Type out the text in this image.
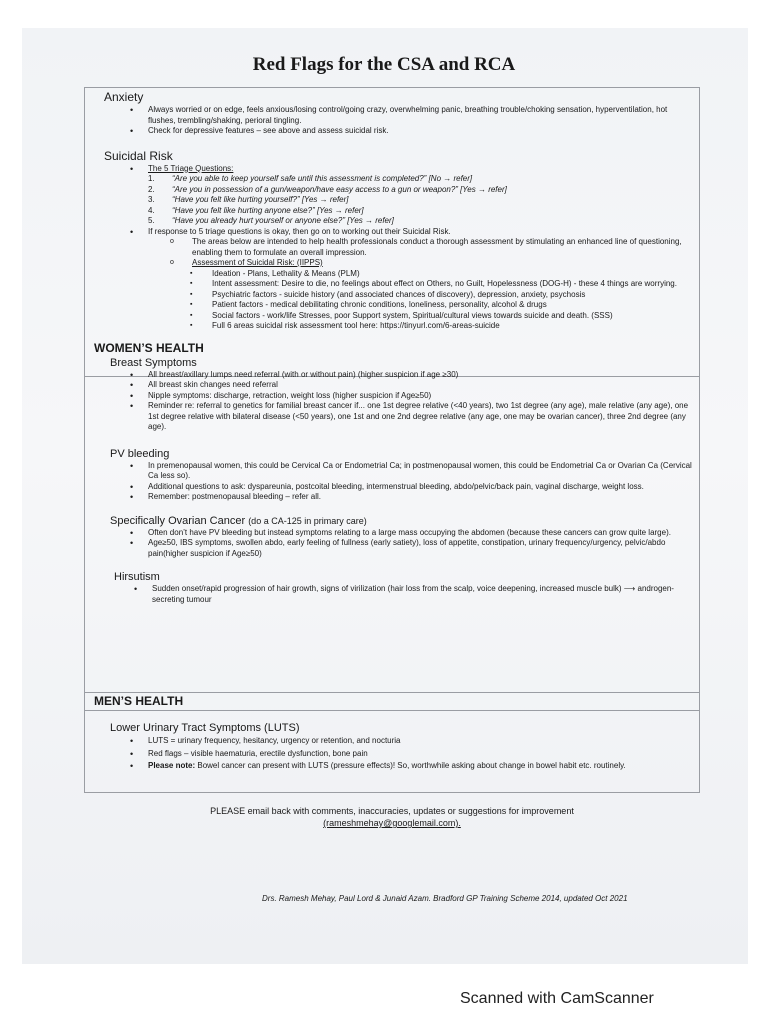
Red Flags for the CSA and RCA
Anxiety
• Always worried or on edge, feels anxious/losing control/going crazy, overwhelming panic, breathing trouble/choking sensation, hyperventilation, hot flushes, trembling/shaking, perioral tingling.
• Check for depressive features – see above and assess suicidal risk.
Suicidal Risk
• The 5 Triage Questions:
1. “Are you able to keep yourself safe until this assessment is completed?” [No → refer]
2. “Are you in possession of a gun/weapon/have easy access to a gun or weapon?” [Yes → refer]
3. “Have you felt like hurting yourself?” [Yes → refer]
4. “Have you felt like hurting anyone else?” [Yes → refer]
5. “Have you already hurt yourself or anyone else?” [Yes → refer]
• If response to 5 triage questions is okay, then go on to working out their Suicidal Risk.
o The areas below are intended to help health professionals conduct a thorough assessment by stimulating an enhanced line of questioning, enabling them to formulate an overall impression.
o Assessment of Suicidal Risk: (IIPPS)
▪ Ideation - Plans, Lethality & Means (PLM)
▪ Intent assessment: Desire to die, no feelings about effect on Others, no Guilt, Hopelessness (DOG-H) - these 4 things are worrying.
▪ Psychiatric factors - suicide history (and associated chances of discovery), depression, anxiety, psychosis
▪ Patient factors - medical debilitating chronic conditions, loneliness, personality, alcohol & drugs
▪ Social factors - work/life Stresses, poor Support system, Spiritual/cultural views towards suicide and death. (SSS)
▪ Full 6 areas suicidal risk assessment tool here: https://tinyurl.com/6-areas-suicide
WOMEN’S HEALTH
Breast Symptoms
• All breast/axillary lumps need referral (with or without pain) (higher suspicion if age ≥30)
• All breast skin changes need referral
• Nipple symptoms: discharge, retraction, weight loss (higher suspicion if Age≥50)
• Reminder re: referral to genetics for familial breast cancer if... one 1st degree relative (<40 years), two 1st degree (any age), male relative (any age), one 1st degree relative with bilateral disease (<50 years), one 1st and one 2nd degree relative (any age, one may be ovarian cancer), three 2nd degree (any age).
PV bleeding
• In premenopausal women, this could be Cervical Ca or Endometrial Ca; in postmenopausal women, this could be Endometrial Ca or Ovarian Ca (Cervical Ca less so).
• Additional questions to ask: dyspareunia, postcoital bleeding, intermenstrual bleeding, abdo/pelvic/back pain, vaginal discharge, weight loss.
• Remember: postmenopausal bleeding – refer all.
Specifically Ovarian Cancer (do a CA-125 in primary care)
• Often don’t have PV bleeding but instead symptoms relating to a large mass occupying the abdomen (because these cancers can grow quite large).
• Age≥50, IBS symptoms, swollen abdo, early feeling of fullness (early satiety), loss of appetite, constipation, urinary frequency/urgency, pelvic/abdo pain(higher suspicion if Age≥50)
Hirsutism
• Sudden onset/rapid progression of hair growth, signs of virilization (hair loss from the scalp, voice deepening, increased muscle bulk) ⟶ androgen-secreting tumour
MEN’S HEALTH
Lower Urinary Tract Symptoms (LUTS)
• LUTS = urinary frequency, hesitancy, urgency or retention, and nocturia
• Red flags – visible haematuria, erectile dysfunction, bone pain
• Please note: Bowel cancer can present with LUTS (pressure effects)! So, worthwhile asking about change in bowel habit etc. routinely.
PLEASE email back with comments, inaccuracies, updates or suggestions for improvement
(rameshmehay@googlemail.com).
Drs. Ramesh Mehay, Paul Lord & Junaid Azam. Bradford GP Training Scheme 2014, updated Oct 2021
Scanned with CamScanner
